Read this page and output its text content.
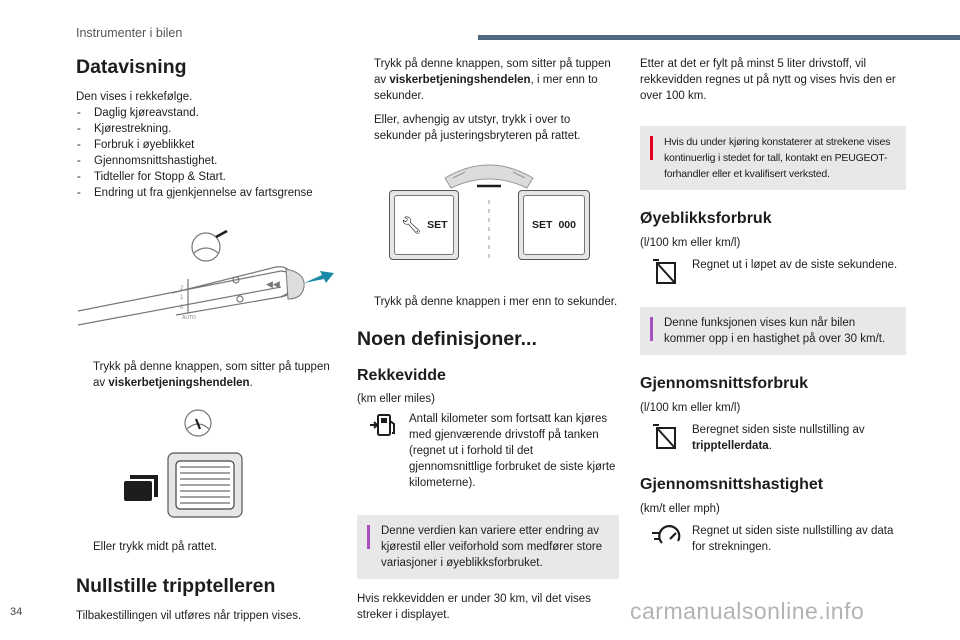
Instrumenter i bilen
Datavisning

Den vises i rekkefølge.

- Daglig kjøreavstand.
- Kjørestrekning.
- Forbruk i øyeblikket
- Gjennomsnittshastighet.
- Tidteller for Stopp & Start.
- Endring ut fra gjenkjennelse av fartsgrense
◀◀
2
1
0
AUTO

Trykk på denne knappen, som sitter på tuppen av viskerbetjeningshendelen.

Eller trykk midt på rattet.

Nullstille tripptelleren

Tilbakestillingen vil utføres når trippen vises.

Trykk på denne knappen, som sitter på tuppen av viskerbetjeningshendelen, i mer enn to sekunder.

Eller, avhengig av utstyr, trykk i over to sekunder på justeringsbryteren på rattet.

🔧︎ SET	SET 000

Trykk på denne knappen i mer enn to sekunder.

Noen definisjoner...
Rekkevidde

(km eller miles)

Antall kilometer som fortsatt kan kjøres med gjenværende drivstoff på tanken (regnet ut i forhold til det gjennomsnittlige forbruket de siste kjørte kilometerne).

Denne verdien kan variere etter endring av kjørestil eller veiforhold som medfører store variasjoner i øyeblikksforbruket.

Hvis rekkevidden er under 30 km, vil det vises streker i displayet.

Etter at det er fylt på minst 5 liter drivstoff, vil rekkevidden regnes ut på nytt og vises hvis den er over 100 km.

Hvis du under kjøring konstaterer at strekene vises kontinuerlig i stedet for tall, kontakt en PEUGEOT-forhandler eller et kvalifisert verksted.

Øyeblikksforbruk

(l/100 km eller km/l)

Regnet ut i løpet av de siste sekundene.

Denne funksjonen vises kun når bilen kommer opp i en hastighet på over 30 km/t.

Gjennomsnittsforbruk

(l/100 km eller km/l)

Beregnet siden siste nullstilling av tripptellerdata.

Gjennomsnittshastighet

(km/t eller mph)

Regnet ut siden siste nullstilling av data for strekningen.

34	carmanualsonline.info
